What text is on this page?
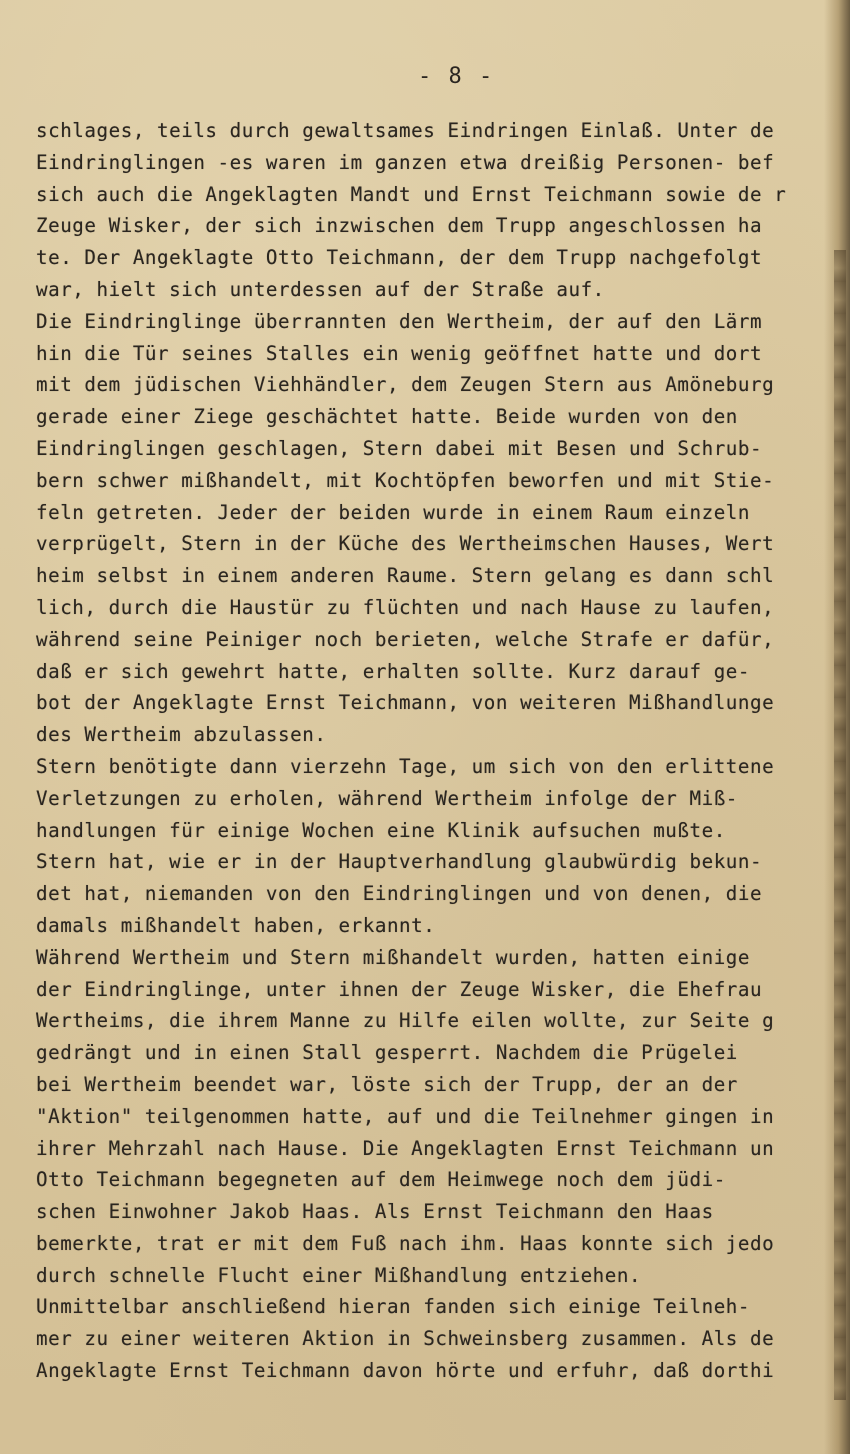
- 8 -
schlages, teils durch gewaltsames Eindringen Einlaß. Unter de
Eindringlingen -es waren im ganzen etwa dreißig Personen- bef
sich auch die Angeklagten Mandt und Ernst Teichmann sowie de r
Zeuge Wisker, der sich inzwischen dem Trupp angeschlossen ha
te. Der Angeklagte Otto Teichmann, der dem Trupp nachgefolgt
war, hielt sich unterdessen auf der Straße auf.
Die Eindringlinge überrannten den Wertheim, der auf den Lärm
hin die Tür seines Stalles ein wenig geöffnet hatte und dort
mit dem jüdischen Viehhändler, dem Zeugen Stern aus Amöneburg
gerade einer Ziege geschächtet hatte. Beide wurden von den
Eindringlingen geschlagen, Stern dabei mit Besen und Schrub-
bern schwer mißhandelt, mit Kochtöpfen beworfen und mit Stie-
feln getreten. Jeder der beiden wurde in einem Raum einzeln
verprügelt, Stern in der Küche des Wertheimschen Hauses, Wert
heim selbst in einem anderen Raume. Stern gelang es dann schl
lich, durch die Haustür zu flüchten und nach Hause zu laufen,
während seine Peiniger noch berieten, welche Strafe er dafür,
daß er sich gewehrt hatte, erhalten sollte. Kurz darauf ge-
bot der Angeklagte Ernst Teichmann, von weiteren Mißhandlunge
des Wertheim abzulassen.
Stern benötigte dann vierzehn Tage, um sich von den erlittene
Verletzungen zu erholen, während Wertheim infolge der Miß-
handlungen für einige Wochen eine Klinik aufsuchen mußte.
Stern hat, wie er in der Hauptverhandlung glaubwürdig bekun-
det hat, niemanden von den Eindringlingen und von denen, die
damals mißhandelt haben, erkannt.
Während Wertheim und Stern mißhandelt wurden, hatten einige
der Eindringlinge, unter ihnen der Zeuge Wisker, die Ehefrau
Wertheims, die ihrem Manne zu Hilfe eilen wollte, zur Seite g
gedrängt und in einen Stall gesperrt. Nachdem die Prügelei
bei Wertheim beendet war, löste sich der Trupp, der an der
"Aktion" teilgenommen hatte, auf und die Teilnehmer gingen in
ihrer Mehrzahl nach Hause. Die Angeklagten Ernst Teichmann un
Otto Teichmann begegneten auf dem Heimwege noch dem jüdi-
schen Einwohner Jakob Haas. Als Ernst Teichmann den Haas
bemerkte, trat er mit dem Fuß nach ihm. Haas konnte sich jedo
durch schnelle Flucht einer Mißhandlung entziehen.
Unmittelbar anschließend hieran fanden sich einige Teilneh-
mer zu einer weiteren Aktion in Schweinsberg zusammen. Als de
Angeklagte Ernst Teichmann davon hörte und erfuhr, daß dorthi
